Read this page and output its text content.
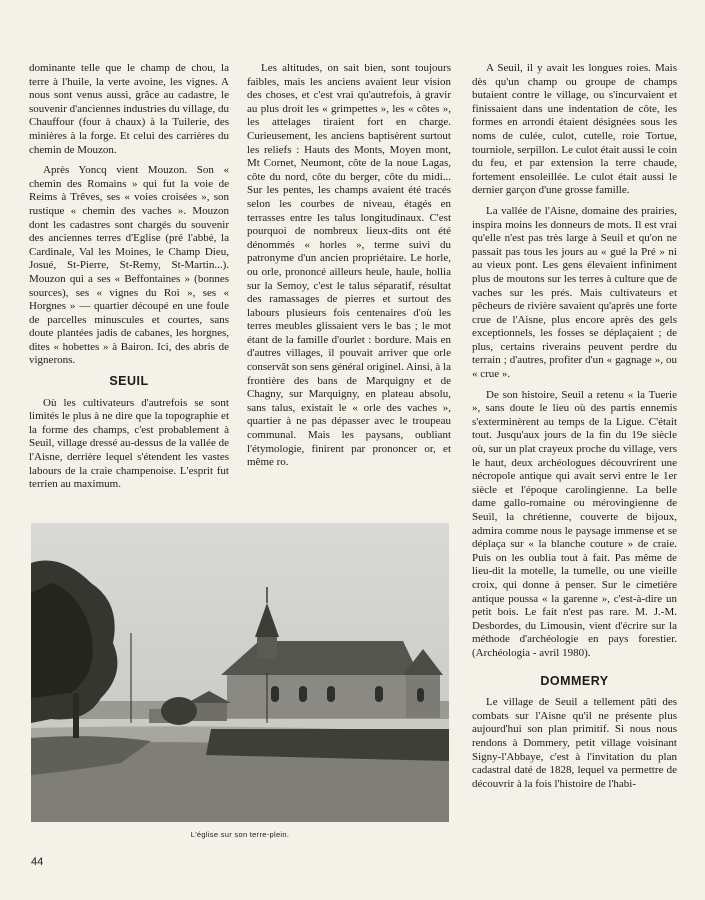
dominante telle que le champ de chou, la terre à l'huile, la verte avoine, les vignes. A nous sont venus aussi, grâce au cadastre, le souvenir d'anciennes industries du village, du Chauffour (four à chaux) à la Tuilerie, des minières à la forge. Et celui des carrières du chemin de Mouzon.

Après Yoncq vient Mouzon. Son « chemin des Romains » qui fut la voie de Reims à Trêves, ses « voies croisées », son rustique « chemin des vaches ». Mouzon dont les cadastres sont chargés du souvenir des anciennes terres d'Eglise (pré l'abbé, la Cardinale, Val les Moines, le Champ Dieu, Josué, St-Pierre, St-Remy, St-Martin...). Mouzon qui a ses « Beffontaines » (bonnes sources), ses « vignes du Roi », ses « Horgnes » — quartier découpé en une foule de parcelles minuscules et courtes, sans doute plantées jadis de cabanes, les horgnes, dites « hobettes » à Bairon. Ici, des abris de vignerons.

SEUIL

Où les cultivateurs d'autrefois se sont limités le plus à ne dire que la topographie et la forme des champs, c'est probablement à Seuil, village dressé au-dessus de la vallée de l'Aisne, derrière lequel s'étendent les vastes labours de la craie champenoise. L'esprit fut terrien au maximum.

Les altitudes, on sait bien, sont toujours faibles, mais les anciens avaient leur vision des choses, et c'est vrai qu'autrefois, à gravir au plus droit les « grimpettes », les « côtes », les attelages tiraient fort en charge. Curieusement, les anciens baptisèrent surtout les reliefs : Hauts des Monts, Moyen mont, Mt Cornet, Neumont, côte de la noue Lagas, côte du nord, côte du berger, côte du midi... Sur les pentes, les champs avaient été tracés selon les courbes de niveau, étagés en terrasses entre les talus longitudinaux. C'est pourquoi de nombreux lieux-dits ont été dénommés « horles », terme suivi du patronyme d'un ancien propriétaire. Le horle, ou orle, prononcé ailleurs heule, haule, hollia sur la Semoy, c'est le talus séparatif, résultat des ramassages de pierres et surtout des labours plusieurs fois centenaires d'où les terres meubles glissaient vers le bas ; le mot étant de la famille d'ourlet : bordure. Mais en d'autres villages, il pouvait arriver que orle conservât son sens général originel. Ainsi, à la frontière des bans de Marquigny et de Chagny, sur Marquigny, en plateau absolu, sans talus, existait le « orle des vaches », quartier à ne pas dépasser avec le troupeau communal. Mais les paysans, oubliant l'étymologie, finirent par prononcer or, et même ro.

A Seuil, il y avait les longues roies. Mais dès qu'un champ ou groupe de champs butaient contre le village, ou s'incurvaient et finissaient dans une indentation de côte, les formes en arrondi étaient désignées sous les noms de culée, culot, cutelle, roie Tortue, tourniole, serpillon. Le culot était aussi le coin du feu, et par extension la terre chaude, fortement ensoleillée. Le culot était aussi le dernier garçon d'une grosse famille.

La vallée de l'Aisne, domaine des prairies, inspira moins les donneurs de mots. Il est vrai qu'elle n'est pas très large à Seuil et qu'on ne passait pas tous les jours au « gué la Pré » ni au vieux pont. Les gens élevaient infiniment plus de moutons sur les terres à culture que de vaches sur les prés. Mais cultivateurs et pêcheurs de rivière savaient qu'après une forte crue de l'Aisne, plus encore après des gels exceptionnels, les fosses se déplaçaient ; de plus, certains riverains peuvent perdre du terrain ; d'autres, profiter d'un « gagnage », ou « crue ».

De son histoire, Seuil a retenu « la Tuerie », sans doute le lieu où des partis ennemis s'exterminèrent au temps de la Ligue. C'était tout. Jusqu'aux jours de la fin du 19e siècle où, sur un plat crayeux proche du village, vers le haut, deux archéologues découvrirent une nécropole antique qui avait servi entre le 1er siècle et l'époque carolingienne. La belle dame gallo-romaine ou mérovingienne de Seuil, la chrétienne, couverte de bijoux, admira comme nous le paysage immense et se déplaça sur « la blanche couture » de craie. Puis on les oublia tout à fait. Pas même de lieu-dit la motelle, la tumelle, ou une vieille croix, qui donne à penser. Sur le cimetière antique poussa « la garenne », c'est-à-dire un petit bois. Le fait n'est pas rare. M. J.-M. Desbordes, du Limousin, vient d'écrire sur la méthode d'archéologie en pays forestier. (Archéologia - avril 1980).

DOMMERY

Le village de Seuil a tellement pâti des combats sur l'Aisne qu'il ne présente plus aujourd'hui son plan primitif. Si nous nous rendons à Dommery, petit village voisinant Signy-l'Abbaye, c'est à l'invitation du plan cadastral daté de 1828, lequel va permettre de découvrir à la fois l'histoire de l'habi-

L'église sur son terre-plein.
44
